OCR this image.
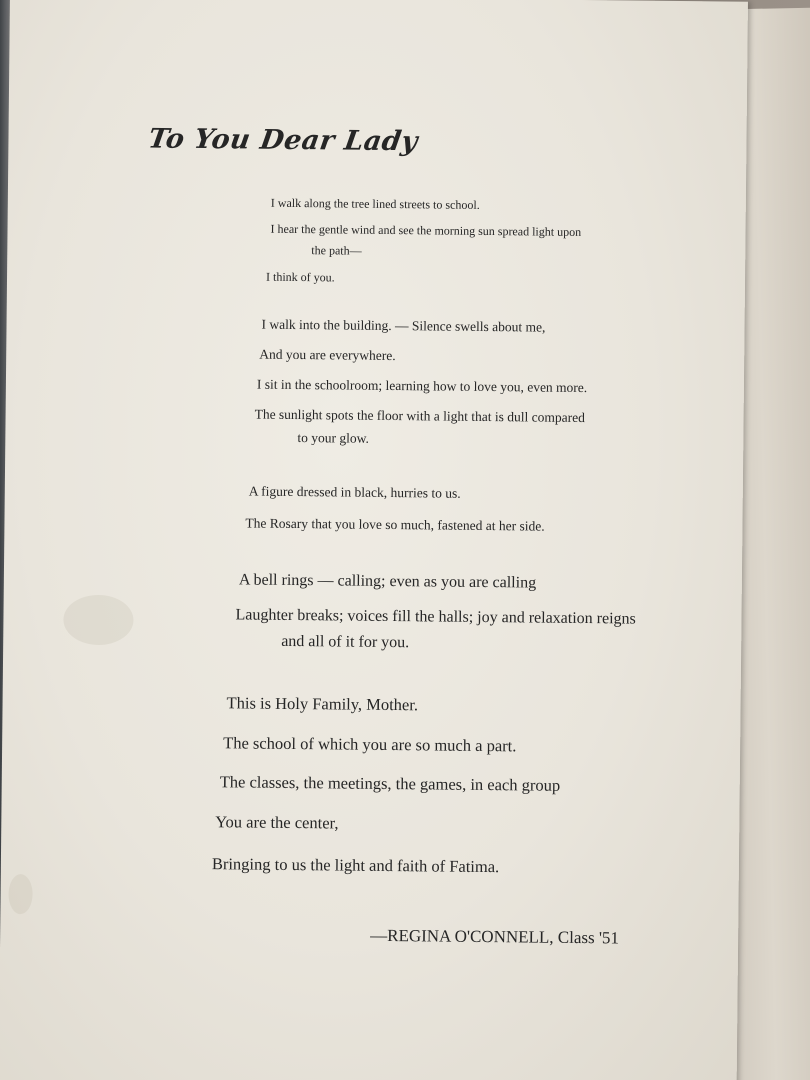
To You Dear Lady
I walk along the tree lined streets to school.
I hear the gentle wind and see the morning sun spread light upon
the path—
I think of you.
I walk into the building. — Silence swells about me,
And you are everywhere.
I sit in the schoolroom; learning how to love you, even more.
The sunlight spots the floor with a light that is dull compared
to your glow.
A figure dressed in black, hurries to us.
The Rosary that you love so much, fastened at her side.
A bell rings — calling; even as you are calling
Laughter breaks; voices fill the halls; joy and relaxation reigns
and all of it for you.
This is Holy Family, Mother.
The school of which you are so much a part.
The classes, the meetings, the games, in each group
You are the center,
Bringing to us the light and faith of Fatima.
—REGINA O'CONNELL, Class '51
